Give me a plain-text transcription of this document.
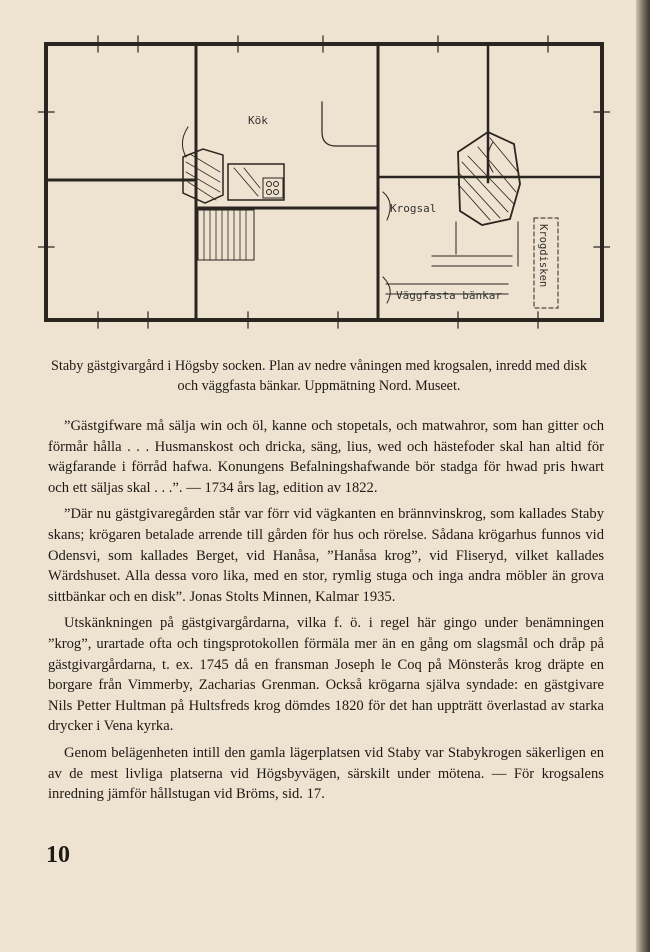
Kök
Krogsal
Väggfasta bänkar
Krogdisken
Staby gästgivargård i Högsby socken. Plan av nedre våningen med krogsalen, inredd med disk och väggfasta bänkar. Uppmätning Nord. Museet.

”Gästgifware må sälja win och öl, kanne och stopetals, och matwahror, som han gitter och förmår hålla . . . Husmanskost och dricka, säng, lius, wed och hästefoder skal han altid för wägfarande i förråd hafwa. Konungens Befalningshafwande bör stadga för hwad pris hwart och ett säljas skal . . .”. — 1734 års lag, edition av 1822.

”Där nu gästgivaregården står var förr vid vägkanten en brännvinskrog, som kallades Staby skans; krögaren betalade arrende till gården för hus och rörelse. Sådana krögarhus funnos vid Odensvi, som kallades Berget, vid Hanåsa, ”Hanåsa krog”, vid Fliseryd, vilket kallades Wärdshuset. Alla dessa voro lika, med en stor, rymlig stuga och inga andra möbler än grova sittbänkar och en disk”. Jonas Stolts Minnen, Kalmar 1935.

Utskänkningen på gästgivargårdarna, vilka f. ö. i regel här gingo under benämningen ”krog”, urartade ofta och tingsprotokollen förmäla mer än en gång om slagsmål och dråp på gästgivargårdarna, t. ex. 1745 då en fransman Joseph le Coq på Mönsterås krog dräpte en borgare från Vimmerby, Zacharias Grenman. Också krögarna själva syndade: en gästgivare Nils Petter Hultman på Hultsfreds krog dömdes 1820 för det han uppträtt överlastad av starka drycker i Vena kyrka.

Genom belägenheten intill den gamla lägerplatsen vid Staby var Stabykrogen säkerligen en av de mest livliga platserna vid Högsbyvägen, särskilt under mötena. — För krogsalens inredning jämför hållstugan vid Bröms, sid. 17.

10
